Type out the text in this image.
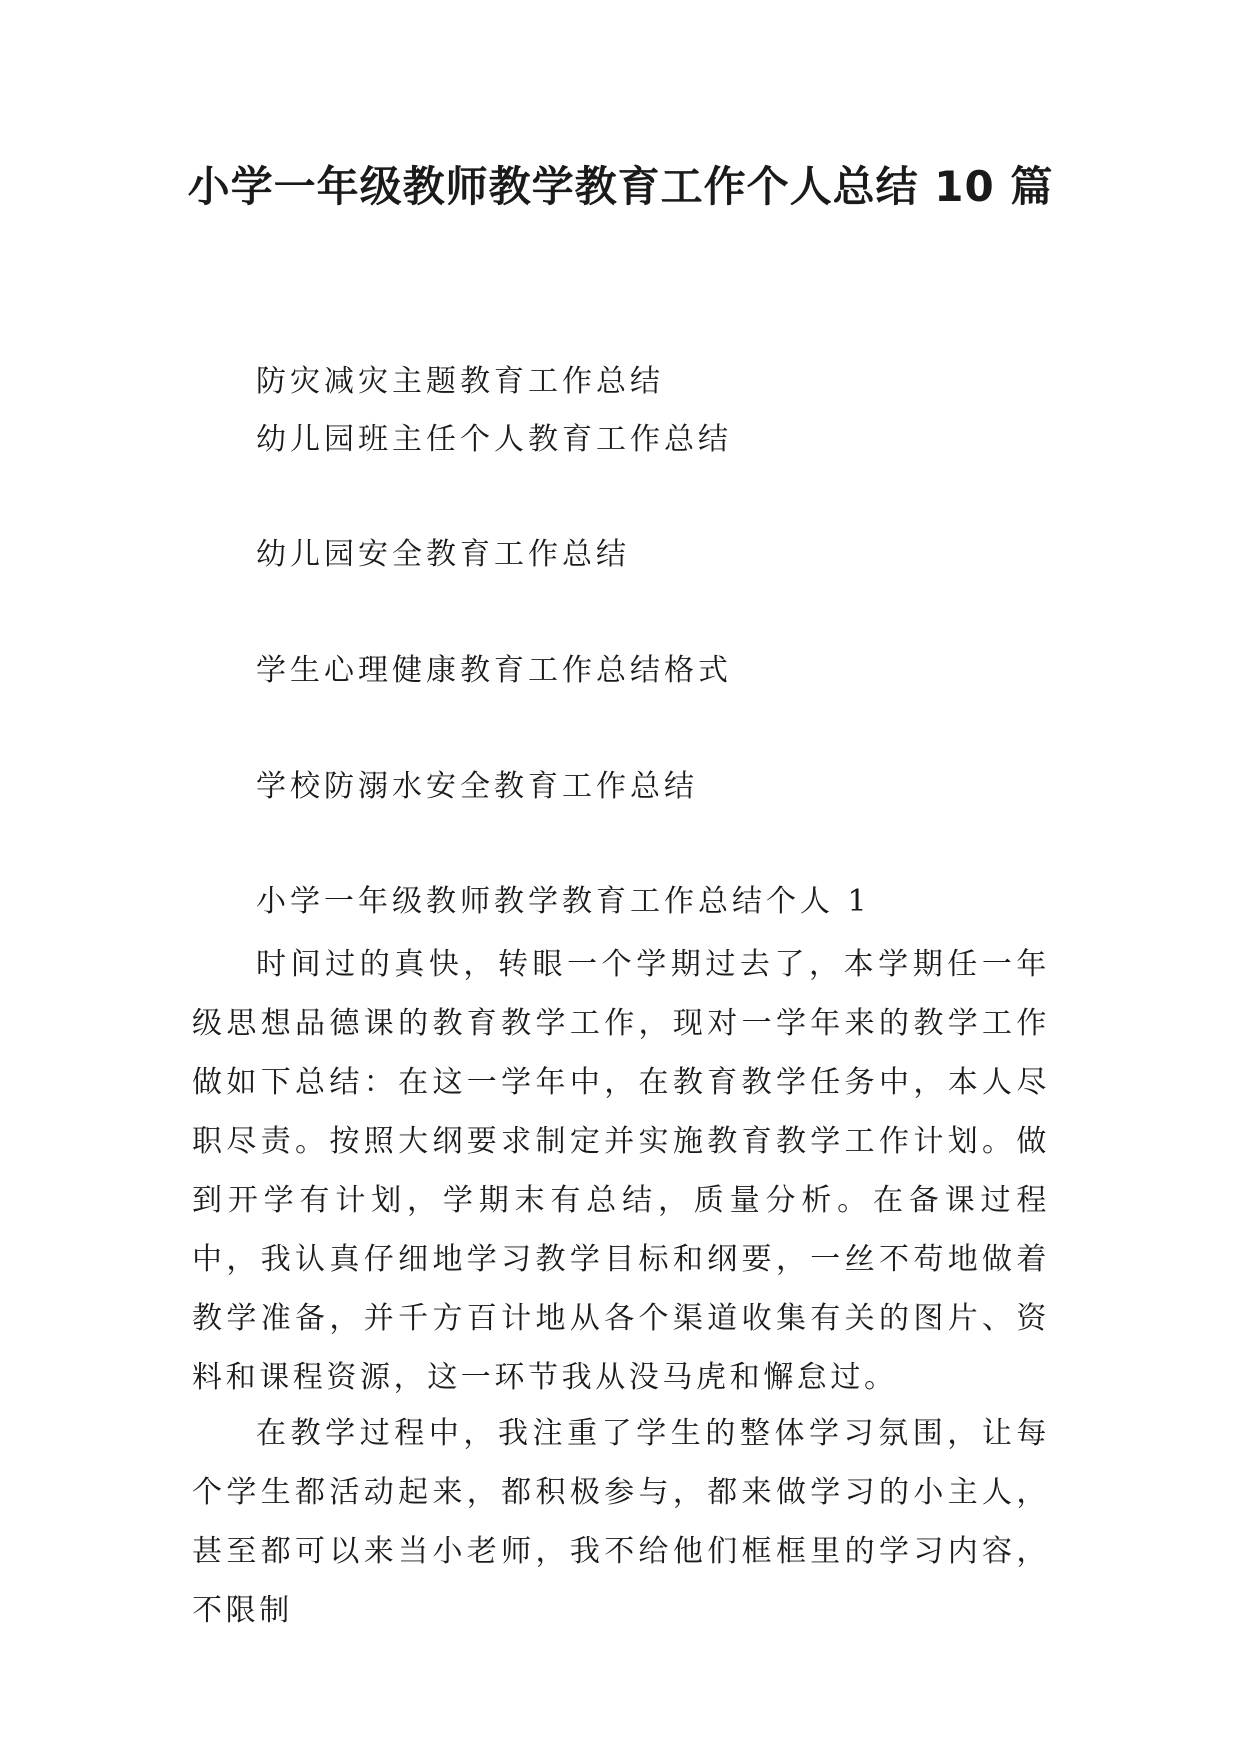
小学一年级教师教学教育工作个人总结 10 篇

防灾减灾主题教育工作总结

幼儿园班主任个人教育工作总结

幼儿园安全教育工作总结

学生心理健康教育工作总结格式

学校防溺水安全教育工作总结

小学一年级教师教学教育工作总结个人 1

时间过的真快，转眼一个学期过去了，本学期任一年级思想品德课的教育教学工作，现对一学年来的教学工作做如下总结：在这一学年中，在教育教学任务中，本人尽职尽责。按照大纲要求制定并实施教育教学工作计划。做到开学有计划，学期末有总结，质量分析。在备课过程中，我认真仔细地学习教学目标和纲要，一丝不苟地做着教学准备，并千方百计地从各个渠道收集有关的图片、资料和课程资源，这一环节我从没马虎和懈怠过。

在教学过程中，我注重了学生的整体学习氛围，让每个学生都活动起来，都积极参与，都来做学习的小主人，甚至都可以来当小老师，我不给他们框框里的学习内容，不限制
